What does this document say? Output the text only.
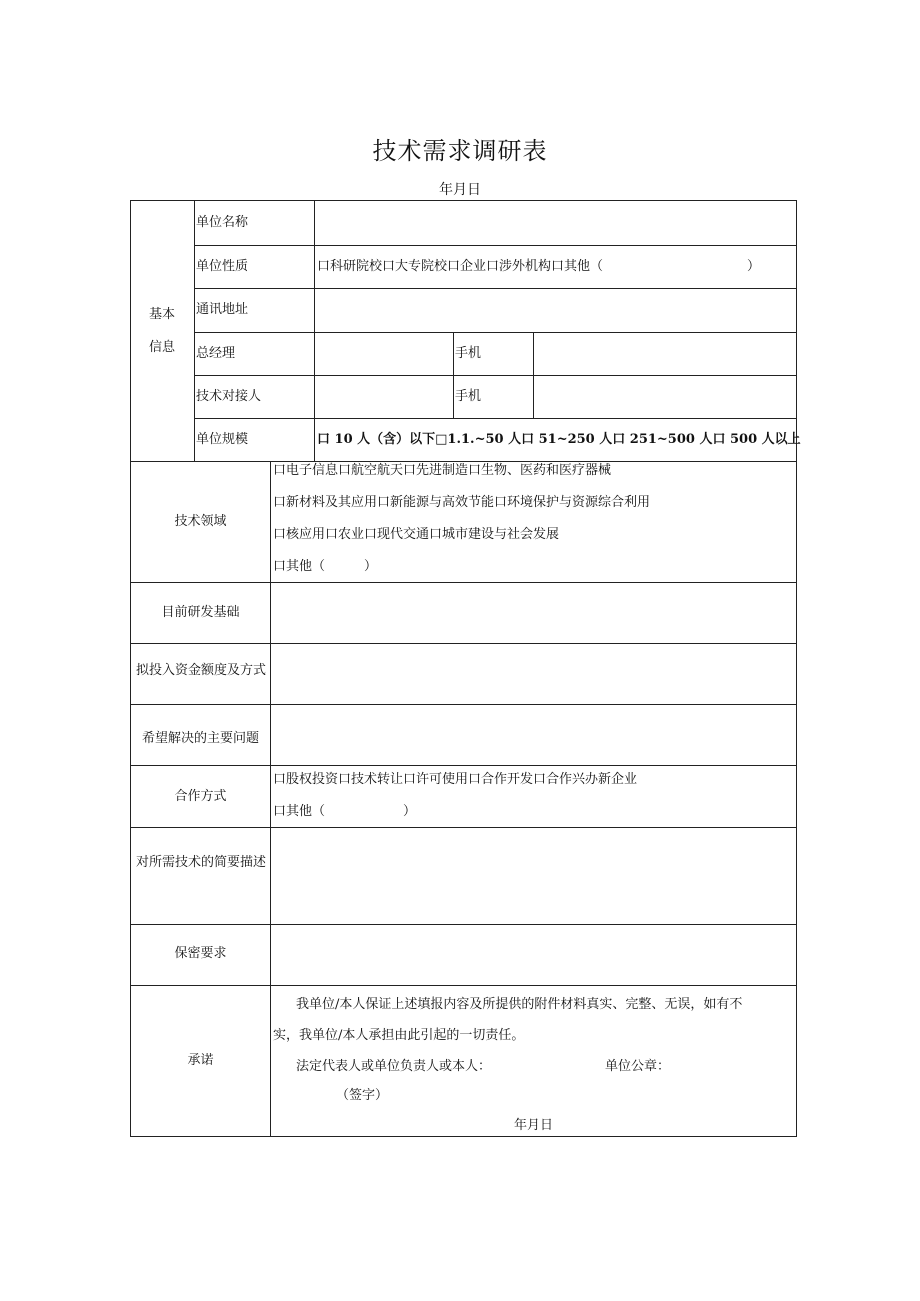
技术需求调研表
年月日
基本
信息
单位名称
单位性质	口科研院校口大专院校口企业口涉外机构口其他（	）
通讯地址
总经理	手机
技术对接人	手机
单位规模	口 10 人（含）以下□1.1.~50 人口 51~250 人口 251~500 人口 500 人以上
技术领域
口电子信息口航空航天口先进制造口生物、医药和医疗器械
口新材料及其应用口新能源与高效节能口环境保护与资源综合利用
口核应用口农业口现代交通口城市建设与社会发展
口其他（　　　）
目前研发基础
拟投入资金额度及方式
希望解决的主要问题
合作方式
口股权投资口技术转让口许可使用口合作开发口合作兴办新企业
口其他（　　　　　　）
对所需技术的简要描述
保密要求
承诺
我单位/本人保证上述填报内容及所提供的附件材料真实、完整、无误，如有不
实，我单位/本人承担由此引起的一切责任。
法定代表人或单位负责人或本人：	单位公章：
（签字）
年月日
